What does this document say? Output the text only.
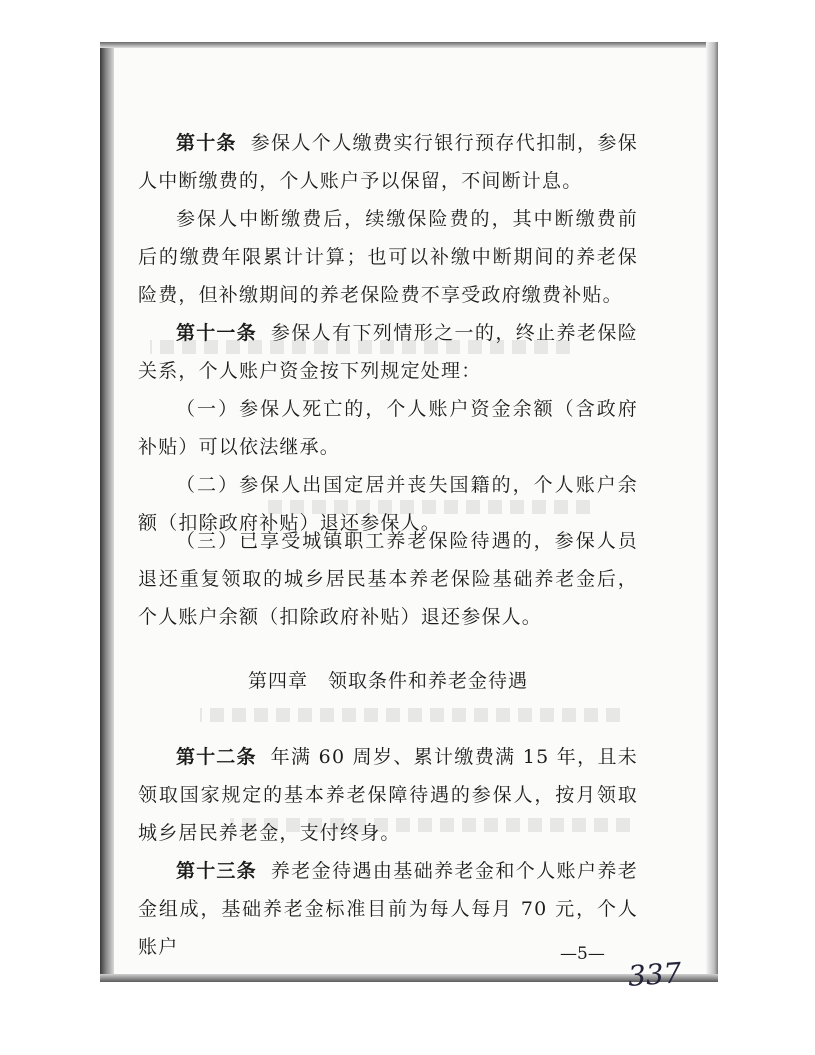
第十条 参保人个人缴费实行银行预存代扣制，参保人中断缴费的，个人账户予以保留，不间断计息。

参保人中断缴费后，续缴保险费的，其中断缴费前后的缴费年限累计计算；也可以补缴中断期间的养老保险费，但补缴期间的养老保险费不享受政府缴费补贴。

第十一条 参保人有下列情形之一的，终止养老保险关系，个人账户资金按下列规定处理：

（一）参保人死亡的，个人账户资金余额（含政府补贴）可以依法继承。

（二）参保人出国定居并丧失国籍的，个人账户余额（扣除政府补贴）退还参保人。

（三）已享受城镇职工养老保险待遇的，参保人员退还重复领取的城乡居民基本养老保险基础养老金后，个人账户余额（扣除政府补贴）退还参保人。

第四章　领取条件和养老金待遇

第十二条 年满 60 周岁、累计缴费满 15 年，且未领取国家规定的基本养老保障待遇的参保人，按月领取城乡居民养老金，支付终身。

第十三条 养老金待遇由基础养老金和个人账户养老金组成，基础养老金标准目前为每人每月 70 元，个人账户	—5—

337
